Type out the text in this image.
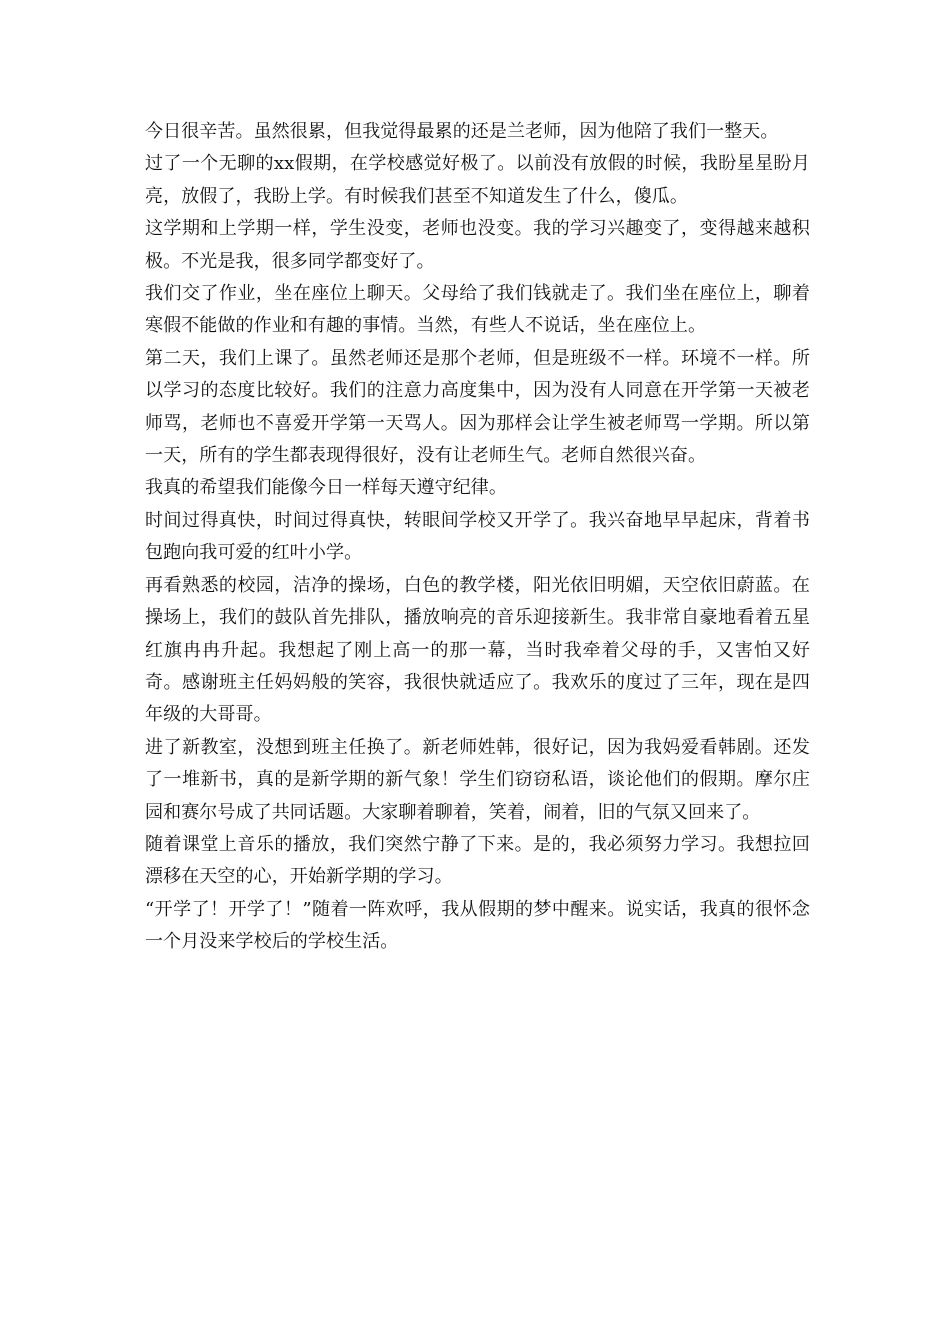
今日很辛苦。虽然很累，但我觉得最累的还是兰老师，因为他陪了我们一整天。

过了一个无聊的xx假期，在学校感觉好极了。以前没有放假的时候，我盼星星盼月亮，放假了，我盼上学。有时候我们甚至不知道发生了什么，傻瓜。

这学期和上学期一样，学生没变，老师也没变。我的学习兴趣变了，变得越来越积极。不光是我，很多同学都变好了。

我们交了作业，坐在座位上聊天。父母给了我们钱就走了。我们坐在座位上，聊着寒假不能做的作业和有趣的事情。当然，有些人不说话，坐在座位上。

第二天，我们上课了。虽然老师还是那个老师，但是班级不一样。环境不一样。所以学习的态度比较好。我们的注意力高度集中，因为没有人同意在开学第一天被老师骂，老师也不喜爱开学第一天骂人。因为那样会让学生被老师骂一学期。所以第一天，所有的学生都表现得很好，没有让老师生气。老师自然很兴奋。

我真的希望我们能像今日一样每天遵守纪律。

时间过得真快，时间过得真快，转眼间学校又开学了。我兴奋地早早起床，背着书包跑向我可爱的红叶小学。

再看熟悉的校园，洁净的操场，白色的教学楼，阳光依旧明媚，天空依旧蔚蓝。在操场上，我们的鼓队首先排队，播放响亮的音乐迎接新生。我非常自豪地看着五星红旗冉冉升起。我想起了刚上高一的那一幕，当时我牵着父母的手，又害怕又好奇。感谢班主任妈妈般的笑容，我很快就适应了。我欢乐的度过了三年，现在是四年级的大哥哥。

进了新教室，没想到班主任换了。新老师姓韩，很好记，因为我妈爱看韩剧。还发了一堆新书，真的是新学期的新气象！学生们窃窃私语，谈论他们的假期。摩尔庄园和赛尔号成了共同话题。大家聊着聊着，笑着，闹着，旧的气氛又回来了。

随着课堂上音乐的播放，我们突然宁静了下来。是的，我必须努力学习。我想拉回漂移在天空的心，开始新学期的学习。

“开学了！开学了！”随着一阵欢呼，我从假期的梦中醒来。说实话，我真的很怀念一个月没来学校后的学校生活。
